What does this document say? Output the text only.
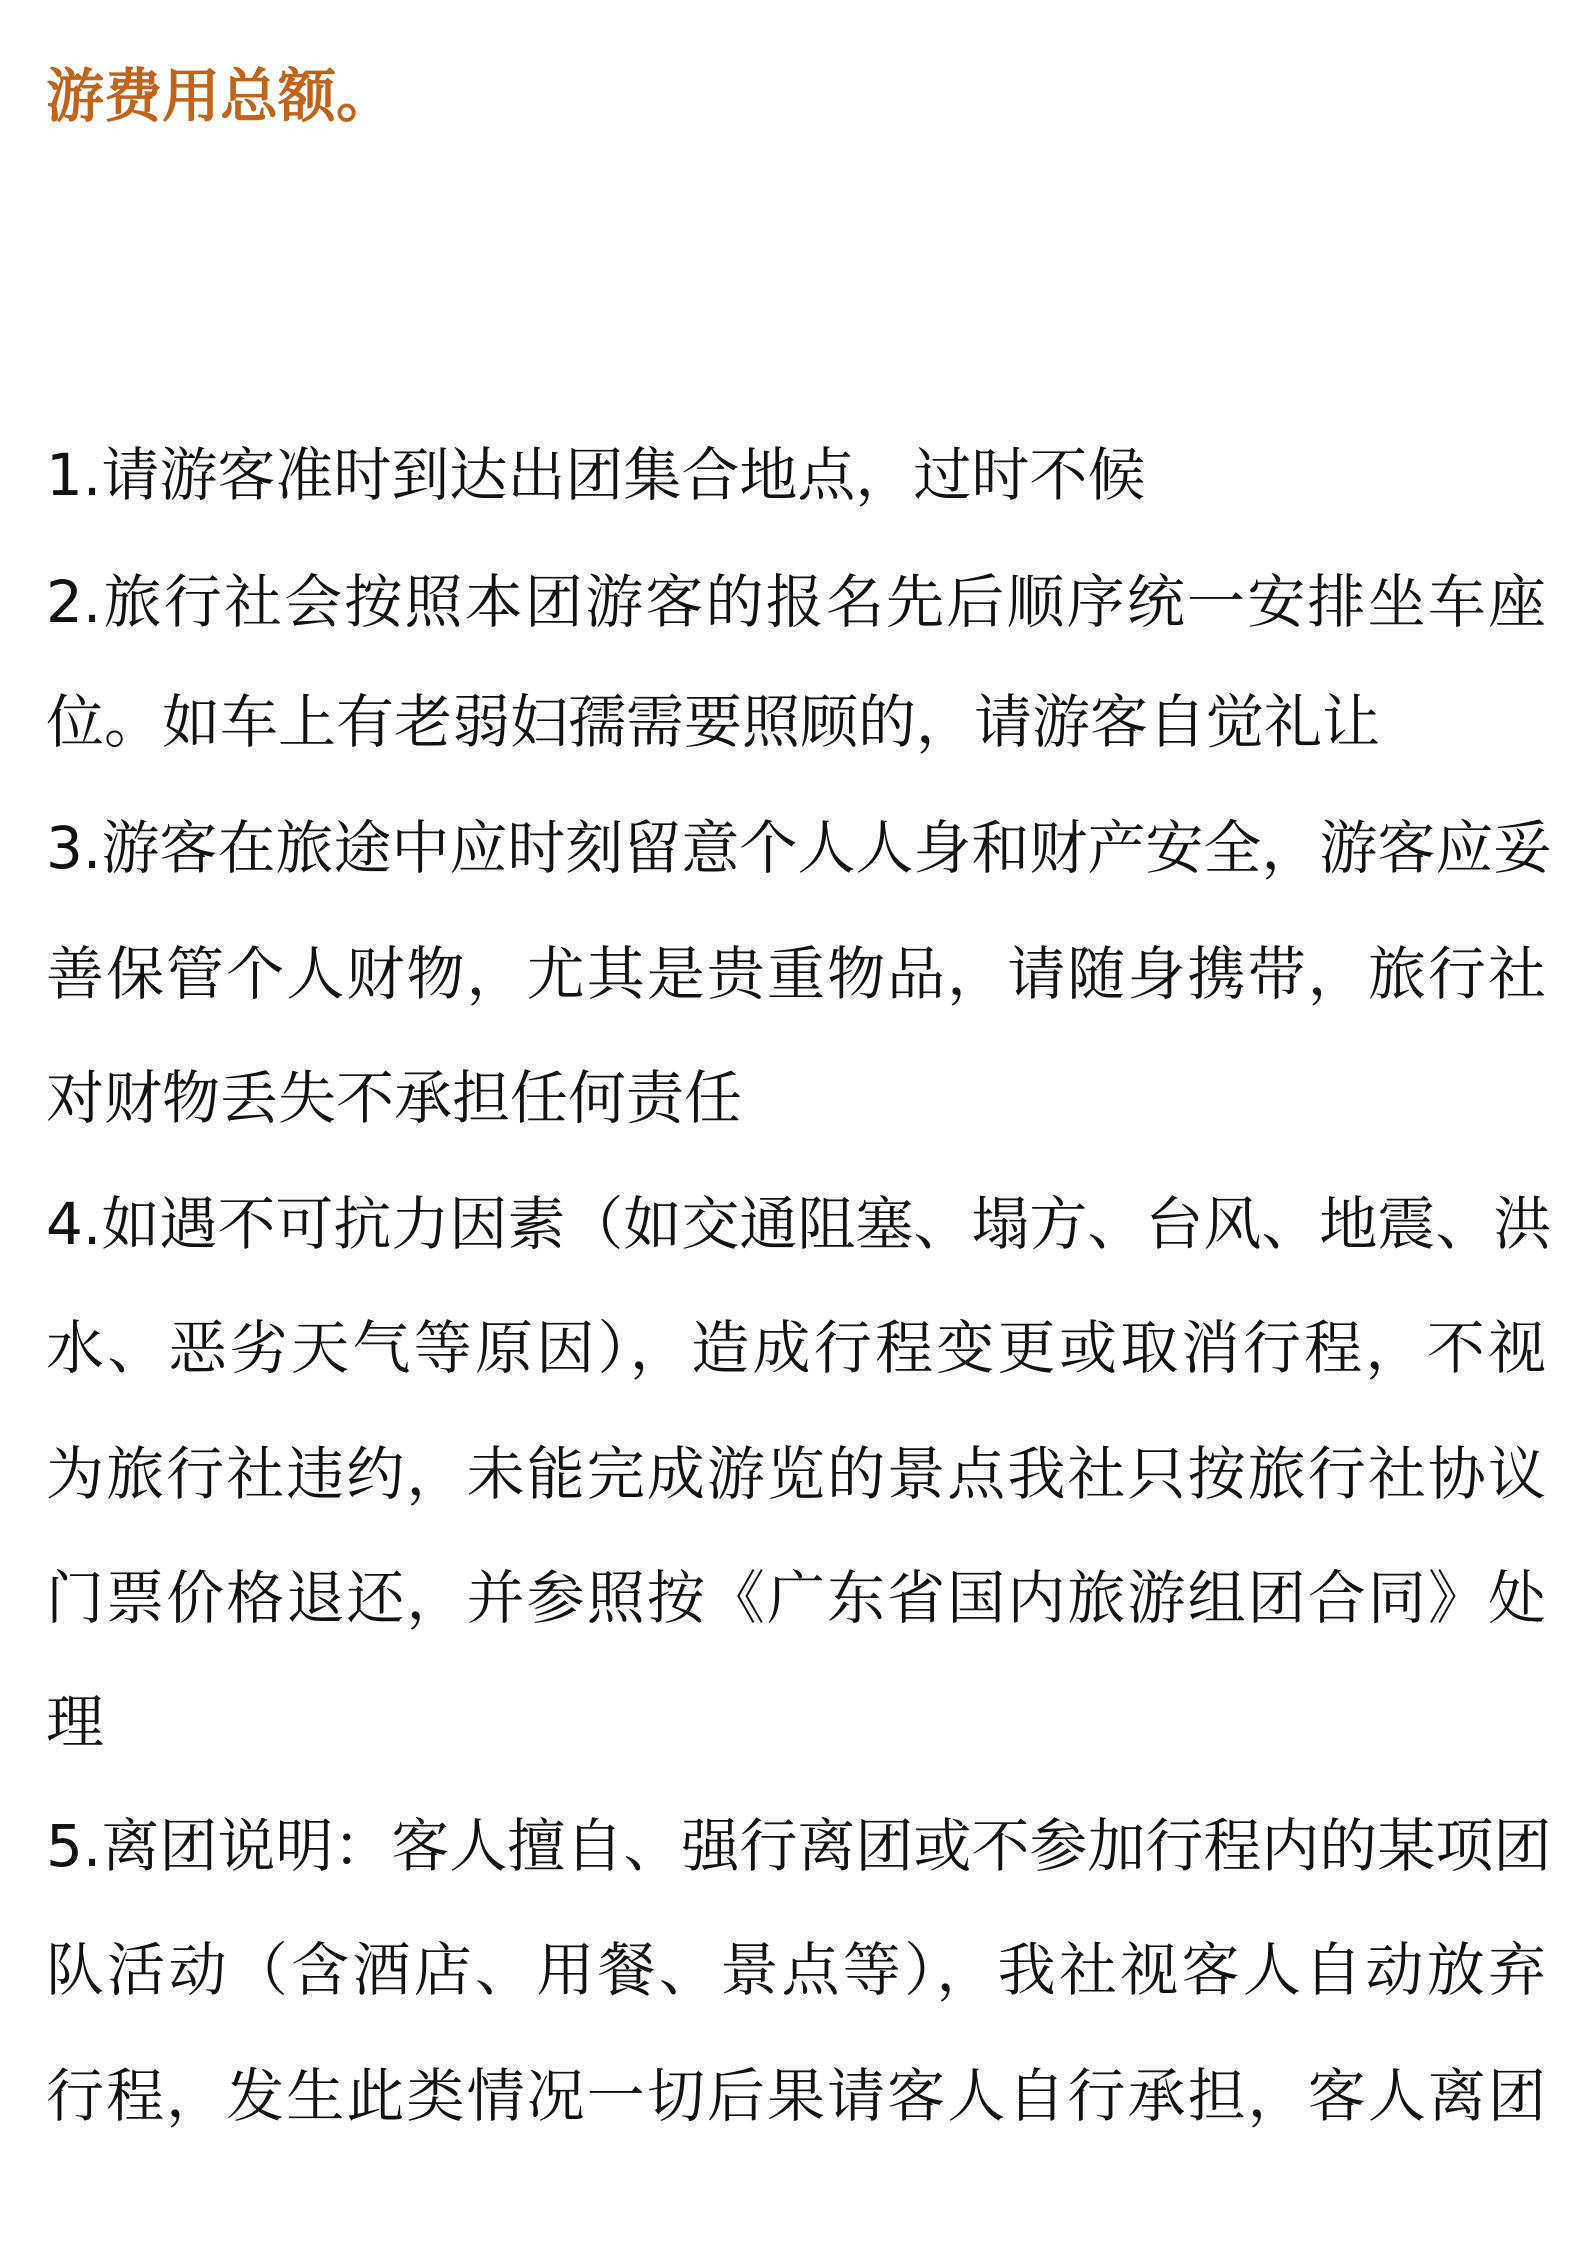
游费用总额。
1.请游客准时到达出团集合地点，过时不候
2.旅行社会按照本团游客的报名先后顺序统一安排坐车座
位。如车上有老弱妇孺需要照顾的，请游客自觉礼让
3.游客在旅途中应时刻留意个人人身和财产安全，游客应妥
善保管个人财物，尤其是贵重物品，请随身携带，旅行社
对财物丢失不承担任何责任
4.如遇不可抗力因素（如交通阻塞、塌方、台风、地震、洪
水、恶劣天气等原因），造成行程变更或取消行程，不视
为旅行社违约，未能完成游览的景点我社只按旅行社协议
门票价格退还，并参照按《广东省国内旅游组团合同》处
理
5.离团说明：客人擅自、强行离团或不参加行程内的某项团
队活动（含酒店、用餐、景点等），我社视客人自动放弃
行程，发生此类情况一切后果请客人自行承担，客人离团
